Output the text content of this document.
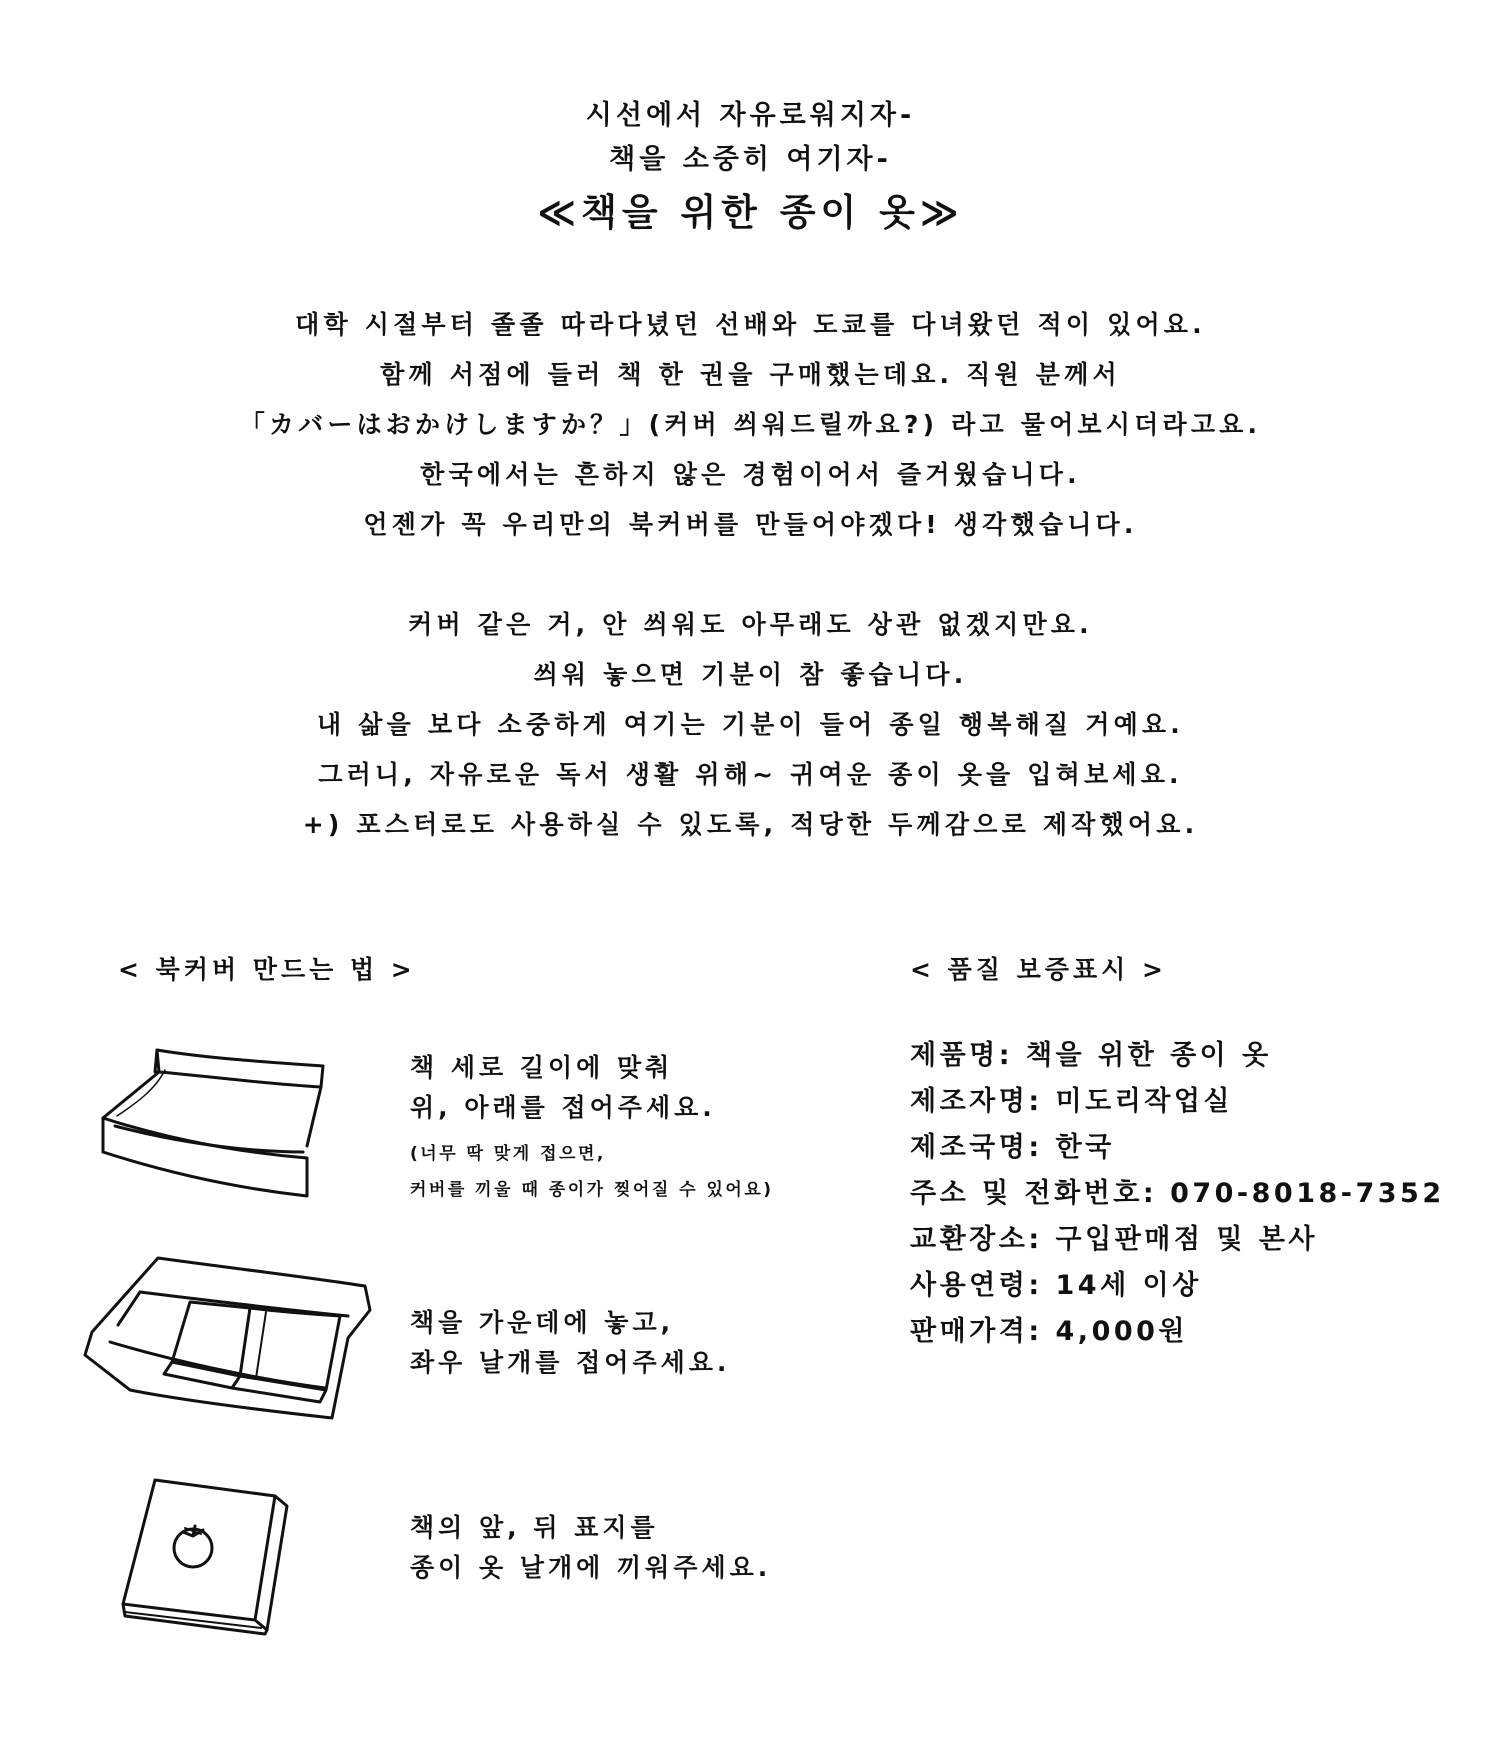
시선에서 자유로워지자-
책을 소중히 여기자-
≪책을 위한 종이 옷≫
대학 시절부터 졸졸 따라다녔던 선배와 도쿄를 다녀왔던 적이 있어요.
함께 서점에 들러 책 한 권을 구매했는데요. 직원 분께서
「カバーはおかけしますか？」(커버 씌워드릴까요?) 라고 물어보시더라고요.
한국에서는 흔하지 않은 경험이어서 즐거웠습니다.
언젠가 꼭 우리만의 북커버를 만들어야겠다! 생각했습니다.
커버 같은 거, 안 씌워도 아무래도 상관 없겠지만요.
씌워 놓으면 기분이 참 좋습니다.
내 삶을 보다 소중하게 여기는 기분이 들어 종일 행복해질 거예요.
그러니, 자유로운 독서 생활 위해~ 귀여운 종이 옷을 입혀보세요.
+) 포스터로도 사용하실 수 있도록, 적당한 두께감으로 제작했어요.
< 북커버 만드는 법 >	< 품질 보증표시 >
책 세로 길이에 맞춰
위, 아래를 접어주세요.
(너무 딱 맞게 접으면,
커버를 끼울 때 종이가 찢어질 수 있어요)
책을 가운데에 놓고,
좌우 날개를 접어주세요.
책의 앞, 뒤 표지를
종이 옷 날개에 끼워주세요.
제품명: 책을 위한 종이 옷
제조자명: 미도리작업실
제조국명: 한국
주소 및 전화번호: 070-8018-7352
교환장소: 구입판매점 및 본사
사용연령: 14세 이상
판매가격: 4,000원
